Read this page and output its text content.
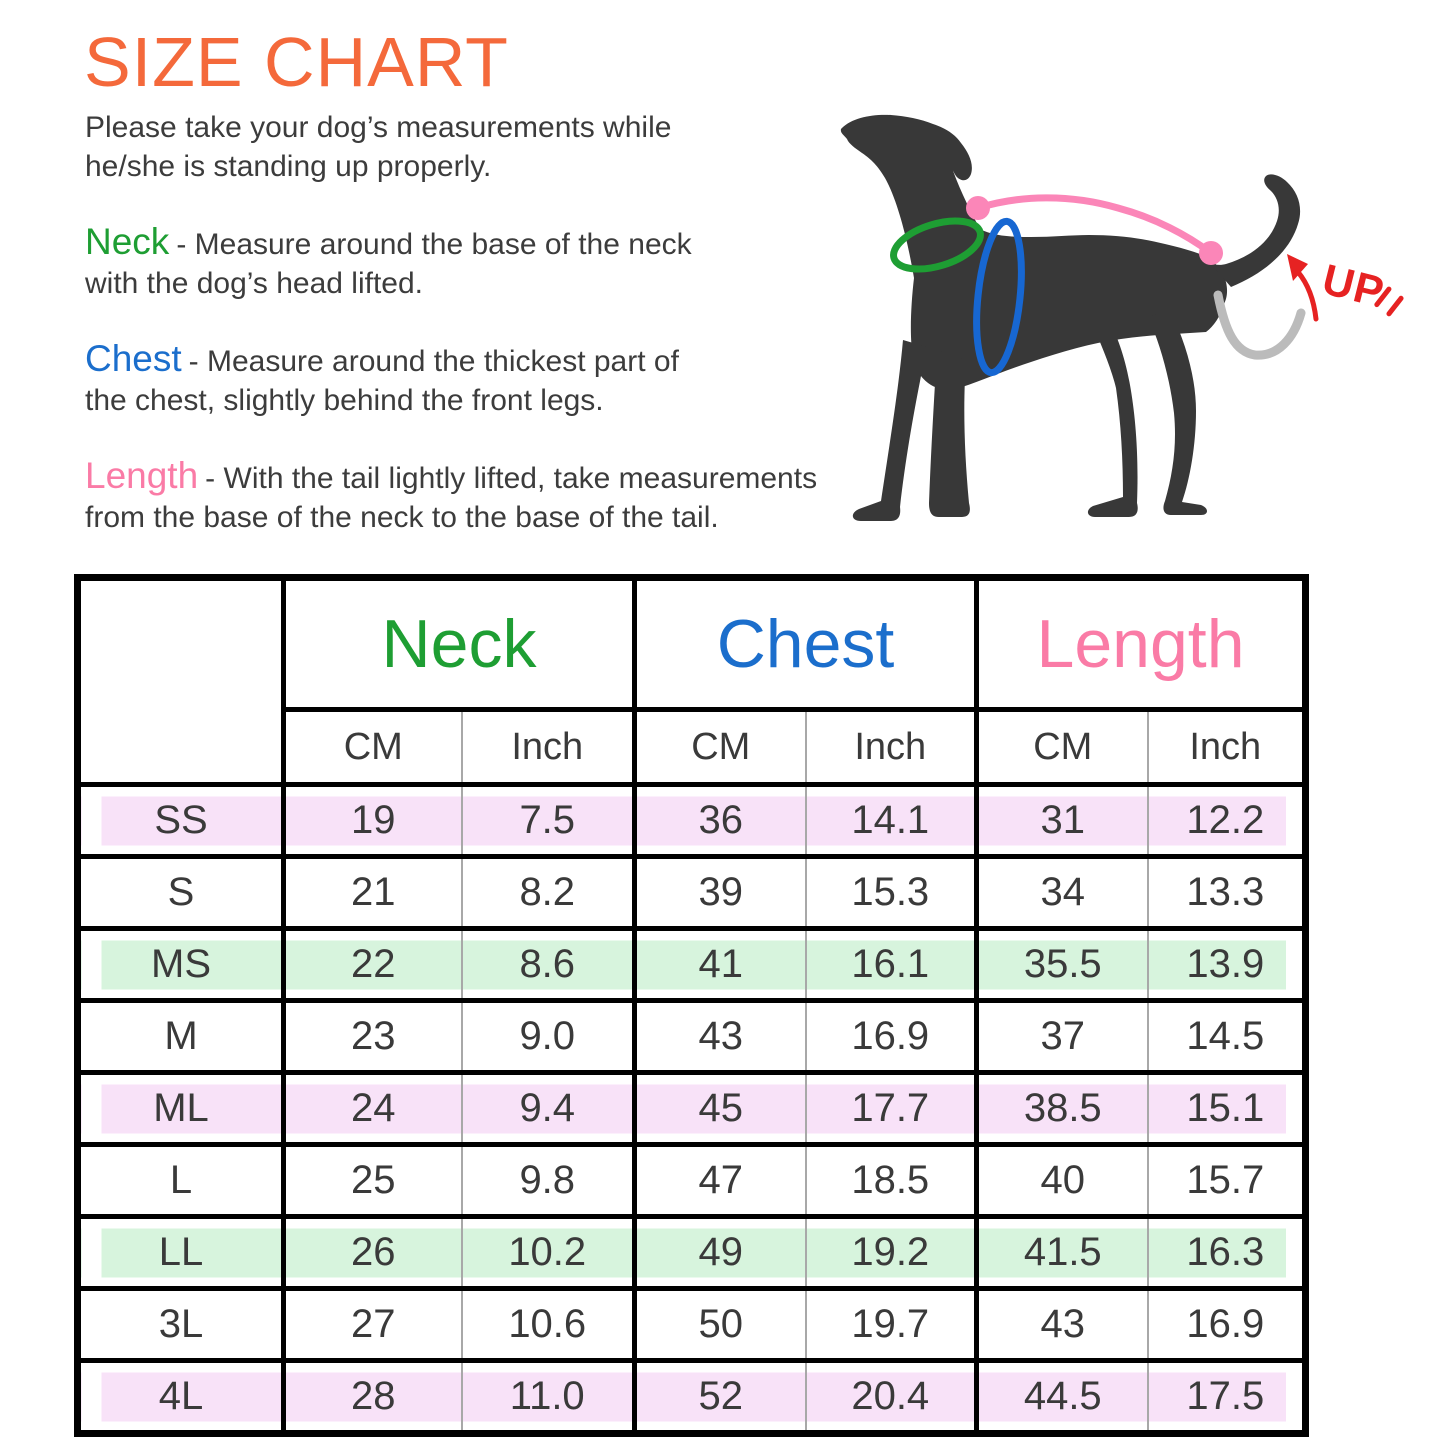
SIZE CHART
Please take your dog’s measurements while
he/she is standing up properly.
Neck - Measure around the base of the neck
with the dog’s head lifted.
Chest - Measure around the thickest part of
the chest, slightly behind the front legs.
Length - With the tail lightly lifted, take measurements
from the base of the neck to the base of the tail.
UP
	Neck		Chest		Length	
	CM	Inch	CM	Inch	CM	Inch
SS	19	7.5	36	14.1	31	12.2
S	21	8.2	39	15.3	34	13.3
MS	22	8.6	41	16.1	35.5	13.9
M	23	9.0	43	16.9	37	14.5
ML	24	9.4	45	17.7	38.5	15.1
L	25	9.8	47	18.5	40	15.7
LL	26	10.2	49	19.2	41.5	16.3
3L	27	10.6	50	19.7	43	16.9
4L	28	11.0	52	20.4	44.5	17.5
